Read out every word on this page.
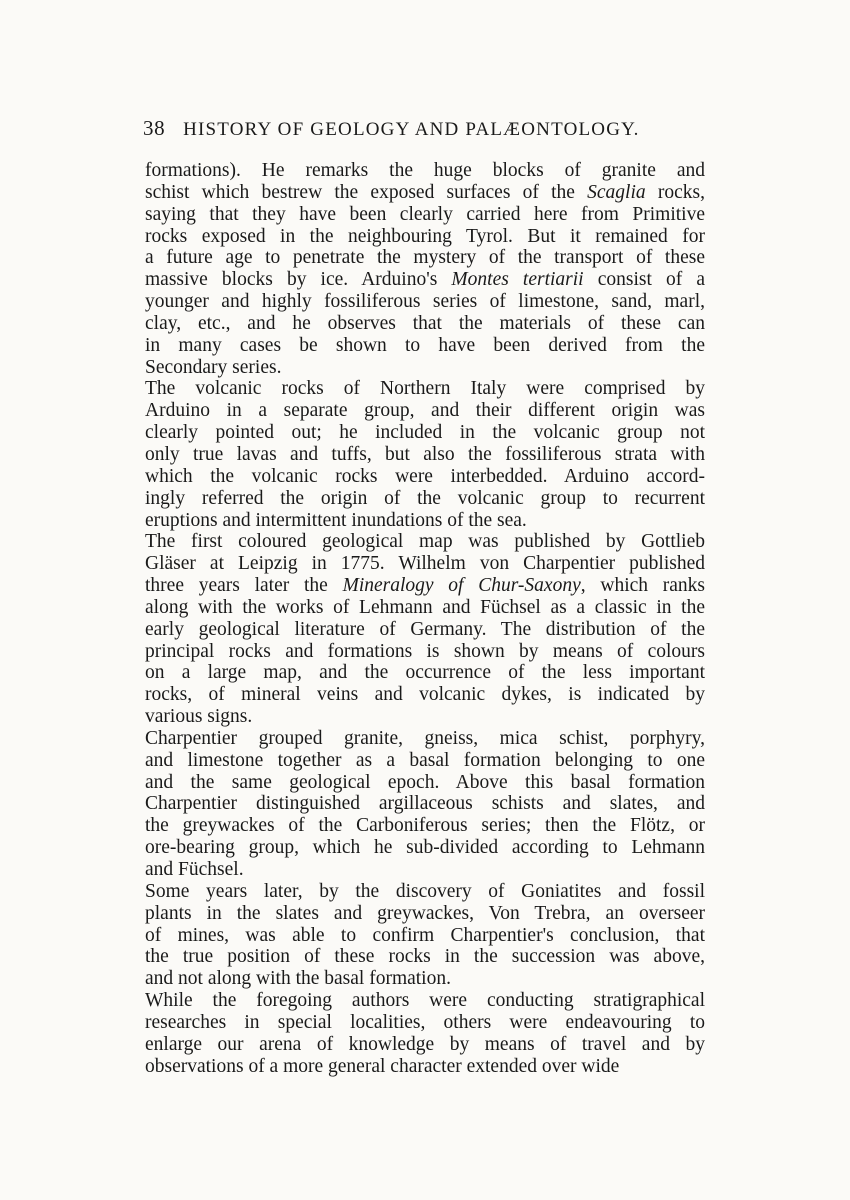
38 HISTORY OF GEOLOGY AND PALÆONTOLOGY.
formations). He remarks the huge blocks of granite and
schist which bestrew the exposed surfaces of the Scaglia rocks,
saying that they have been clearly carried here from Primitive
rocks exposed in the neighbouring Tyrol. But it remained for
a future age to penetrate the mystery of the transport of these
massive blocks by ice. Arduino's Montes tertiarii consist of a
younger and highly fossiliferous series of limestone, sand, marl,
clay, etc., and he observes that the materials of these can
in many cases be shown to have been derived from the
Secondary series.
The volcanic rocks of Northern Italy were comprised by
Arduino in a separate group, and their different origin was
clearly pointed out; he included in the volcanic group not
only true lavas and tuffs, but also the fossiliferous strata with
which the volcanic rocks were interbedded. Arduino accord-
ingly referred the origin of the volcanic group to recurrent
eruptions and intermittent inundations of the sea.
The first coloured geological map was published by Gottlieb
Gläser at Leipzig in 1775. Wilhelm von Charpentier published
three years later the Mineralogy of Chur-Saxony, which ranks
along with the works of Lehmann and Füchsel as a classic in the
early geological literature of Germany. The distribution of the
principal rocks and formations is shown by means of colours
on a large map, and the occurrence of the less important
rocks, of mineral veins and volcanic dykes, is indicated by
various signs.
Charpentier grouped granite, gneiss, mica schist, porphyry,
and limestone together as a basal formation belonging to one
and the same geological epoch. Above this basal formation
Charpentier distinguished argillaceous schists and slates, and
the greywackes of the Carboniferous series; then the Flötz, or
ore-bearing group, which he sub-divided according to Lehmann
and Füchsel.
Some years later, by the discovery of Goniatites and fossil
plants in the slates and greywackes, Von Trebra, an overseer
of mines, was able to confirm Charpentier's conclusion, that
the true position of these rocks in the succession was above,
and not along with the basal formation.
While the foregoing authors were conducting stratigraphical
researches in special localities, others were endeavouring to
enlarge our arena of knowledge by means of travel and by
observations of a more general character extended over wide
